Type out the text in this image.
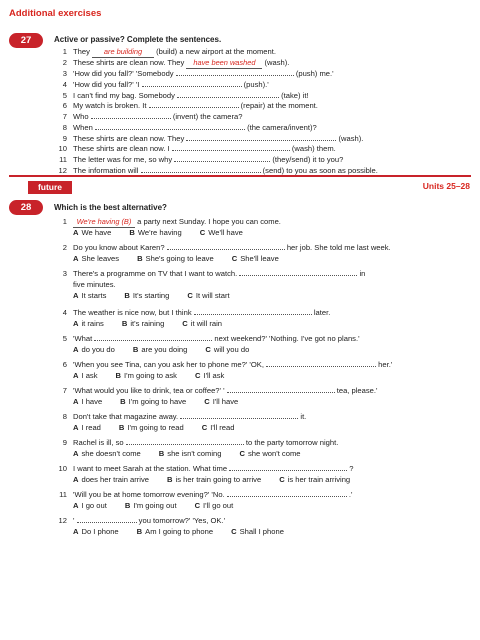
Additional exercises
27	Active or passive? Complete the sentences.
1 They are building (build) a new airport at the moment.
2 These shirts are clean now. They have been washed (wash).
3 'How did you fall?' 'Somebody	(push) me.'
4 'How did you fall?' 'I	(push).'
5 I can't find my bag. Somebody	(take) it!
6 My watch is broken. It	(repair) at the moment.
7 Who	(invent) the camera?
8 When	(the camera/invent)?
9 These shirts are clean now. They	(wash).
10 These shirts are clean now. I	(wash) them.
11 The letter was for me, so why	(they/send) it to you?
12 The information will	(send) to you as soon as possible.
future	Units 25–28
28	Which is the best alternative?
1 We're having (B) a party next Sunday. I hope you can come.
A We have B We're having C We'll have
2 Do you know about Karen?	her job. She told me last week.
A She leaves B She's going to leave C She'll leave
3 There's a programme on TV that I want to watch.	in
five minutes.
A It starts B It's starting C It will start
4 The weather is nice now, but I think	later.
A it rains B it's raining C it will rain
5 'What	next weekend?' 'Nothing. I've got no plans.'
A do you do B are you doing C will you do
6 'When you see Tina, can you ask her to phone me?' 'OK,	her.'
A I ask B I'm going to ask C I'll ask
7 'What would you like to drink, tea or coffee?' '	tea, please.'
A I have B I'm going to have C I'll have
8 Don't take that magazine away.	it.
A I read B I'm going to read C I'll read
9 Rachel is ill, so	to the party tomorrow night.
A she doesn't come B she isn't coming C she won't come
10 I want to meet Sarah at the station. What time	?
A does her train arrive B is her train going to arrive C is her train arriving
11 'Will you be at home tomorrow evening?' 'No.	.'
A I go out B I'm going out C I'll go out
12 '	you tomorrow?' 'Yes, OK.'
A Do I phone B Am I going to phone C Shall I phone
